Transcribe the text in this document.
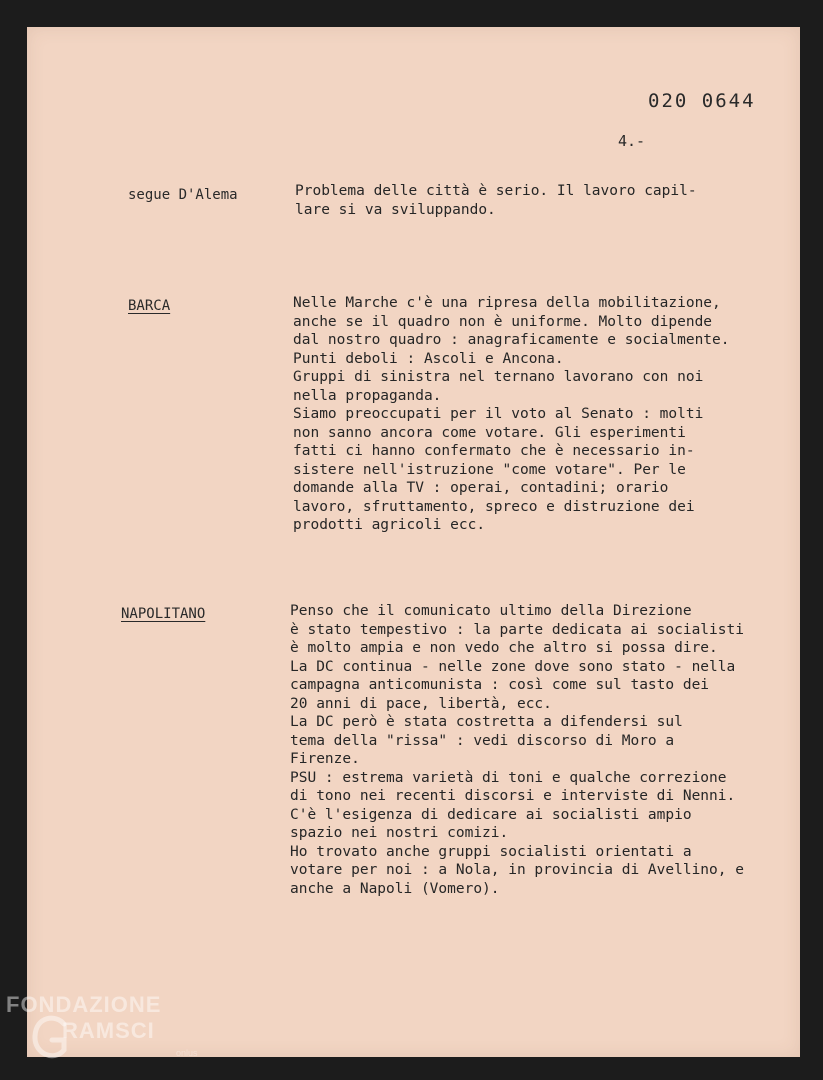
020 0644
4.-
segue D'Alema	Problema delle città è serio. Il lavoro capil-
lare si va sviluppando.
BARCA	Nelle Marche c'è una ripresa della mobilitazione,
anche se il quadro non è uniforme. Molto dipende
dal nostro quadro : anagraficamente e socialmente.
Punti deboli : Ascoli e Ancona.
Gruppi di sinistra nel ternano lavorano con noi
nella propaganda.
Siamo preoccupati per il voto al Senato : molti
non sanno ancora come votare. Gli esperimenti
fatti ci hanno confermato che è necessario in-
sistere nell'istruzione "come votare". Per le
domande alla TV : operai, contadini; orario
lavoro, sfruttamento, spreco e distruzione dei
prodotti agricoli ecc.
NAPOLITANO	Penso che il comunicato ultimo della Direzione
è stato tempestivo : la parte dedicata ai socialisti
è molto ampia e non vedo che altro si possa dire.
La DC continua - nelle zone dove sono stato - nella
campagna anticomunista : così come sul tasto dei
20 anni di pace, libertà, ecc.
La DC però è stata costretta a difendersi sul
tema della "rissa" : vedi discorso di Moro a
Firenze.
PSU : estrema varietà di toni e qualche correzione
di tono nei recenti discorsi e interviste di Nenni.
C'è l'esigenza di dedicare ai socialisti ampio
spazio nei nostri comizi.
Ho trovato anche gruppi socialisti orientati a
votare per noi : a Nola, in provincia di Avellino, e
anche a Napoli (Vomero).
FONDAZIONE
RAMSCI
onlus
